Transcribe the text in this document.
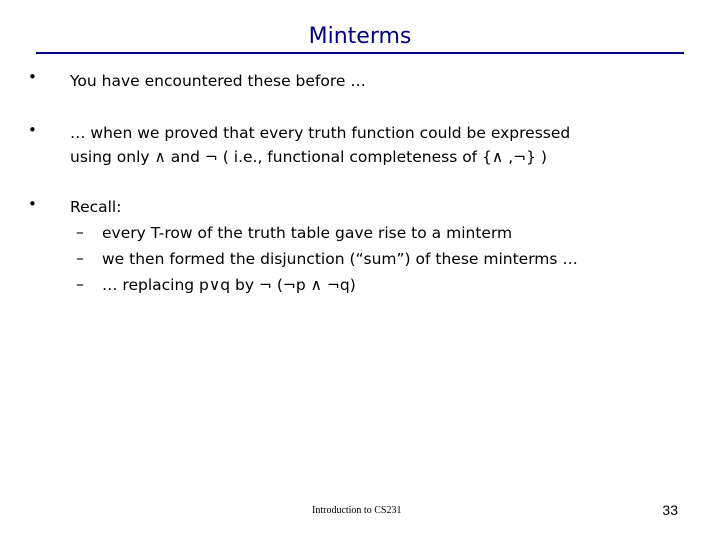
Minterms
• You have encountered these before …
• … when we proved that every truth function could be expressed
using only ∧ and ¬ ( i.e., functional completeness of {∧ ,¬} )
• Recall:
– every T-row of the truth table gave rise to a minterm
– we then formed the disjunction (“sum”) of these minterms …
– … replacing p∨q by ¬ (¬p ∧ ¬q)
Introduction to CS231	33
